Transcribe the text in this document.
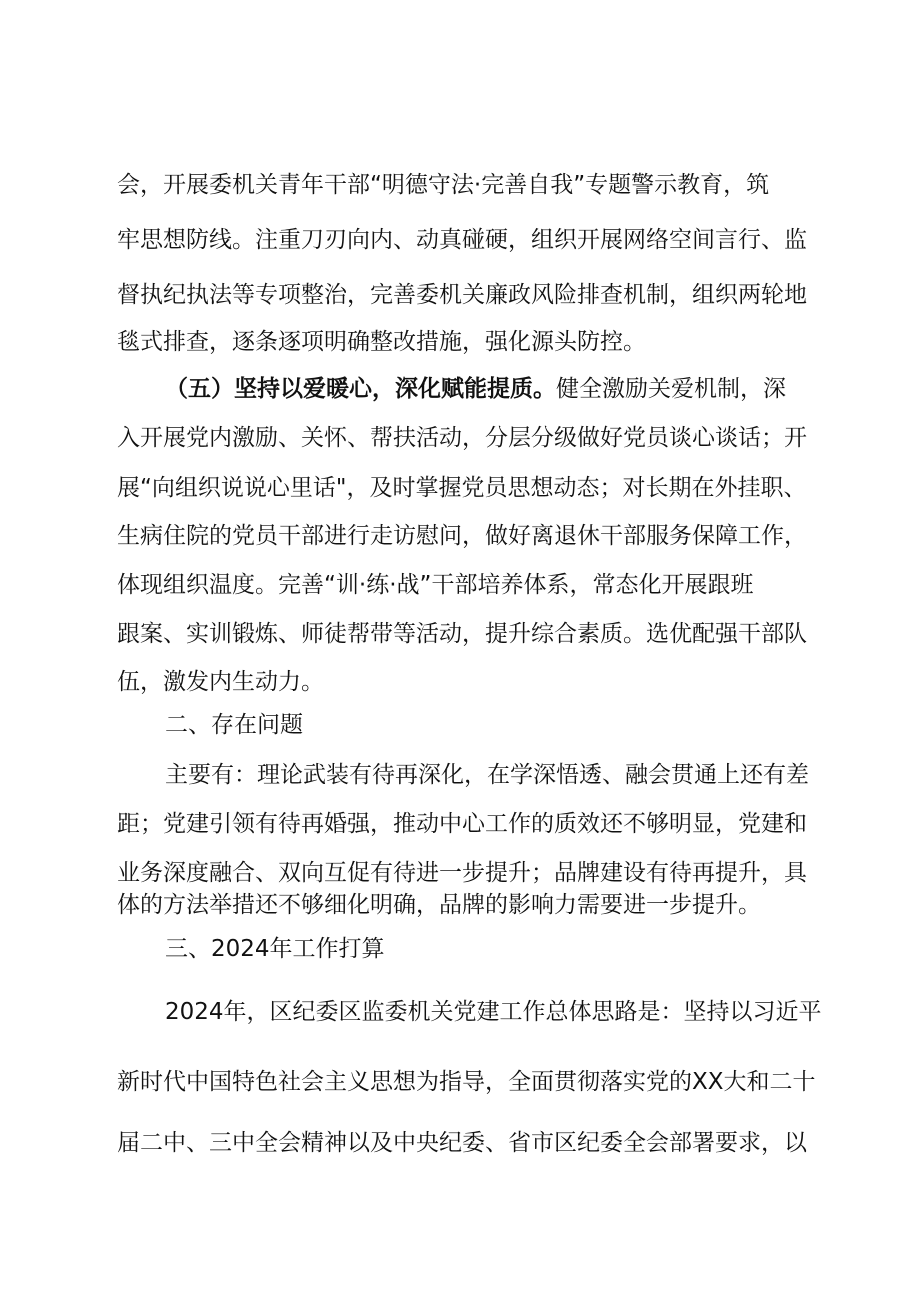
会，开展委机关青年干部“明德守法·完善自我”专题警示教育，筑
牢思想防线。注重刀刃向内、动真碰硬，组织开展网络空间言行、监
督执纪执法等专项整治，完善委机关廉政风险排查机制，组织两轮地
毯式排查，逐条逐项明确整改措施，强化源头防控。
（五）坚持以爱暖心，深化赋能提质。健全激励关爱机制，深
入开展党内激励、关怀、帮扶活动，分层分级做好党员谈心谈话；开
展“向组织说说心里话"，及时掌握党员思想动态；对长期在外挂职、
生病住院的党员干部进行走访慰问，做好离退休干部服务保障工作，
体现组织温度。完善“训·练·战”干部培养体系，常态化开展跟班
跟案、实训锻炼、师徒帮带等活动，提升综合素质。选优配强干部队
伍，激发内生动力。
二、存在问题
主要有：理论武装有待再深化，在学深悟透、融会贯通上还有差
距；党建引领有待再婚强，推动中心工作的质效还不够明显，党建和
业务深度融合、双向互促有待进一步提升；品牌建设有待再提升，具
体的方法举措还不够细化明确，品牌的影响力需要进一步提升。
三、2024年工作打算
2024年，区纪委区监委机关党建工作总体思路是：坚持以习近平
新时代中国特色社会主义思想为指导，全面贯彻落实党的XX大和二十
届二中、三中全会精神以及中央纪委、省市区纪委全会部署要求，以
